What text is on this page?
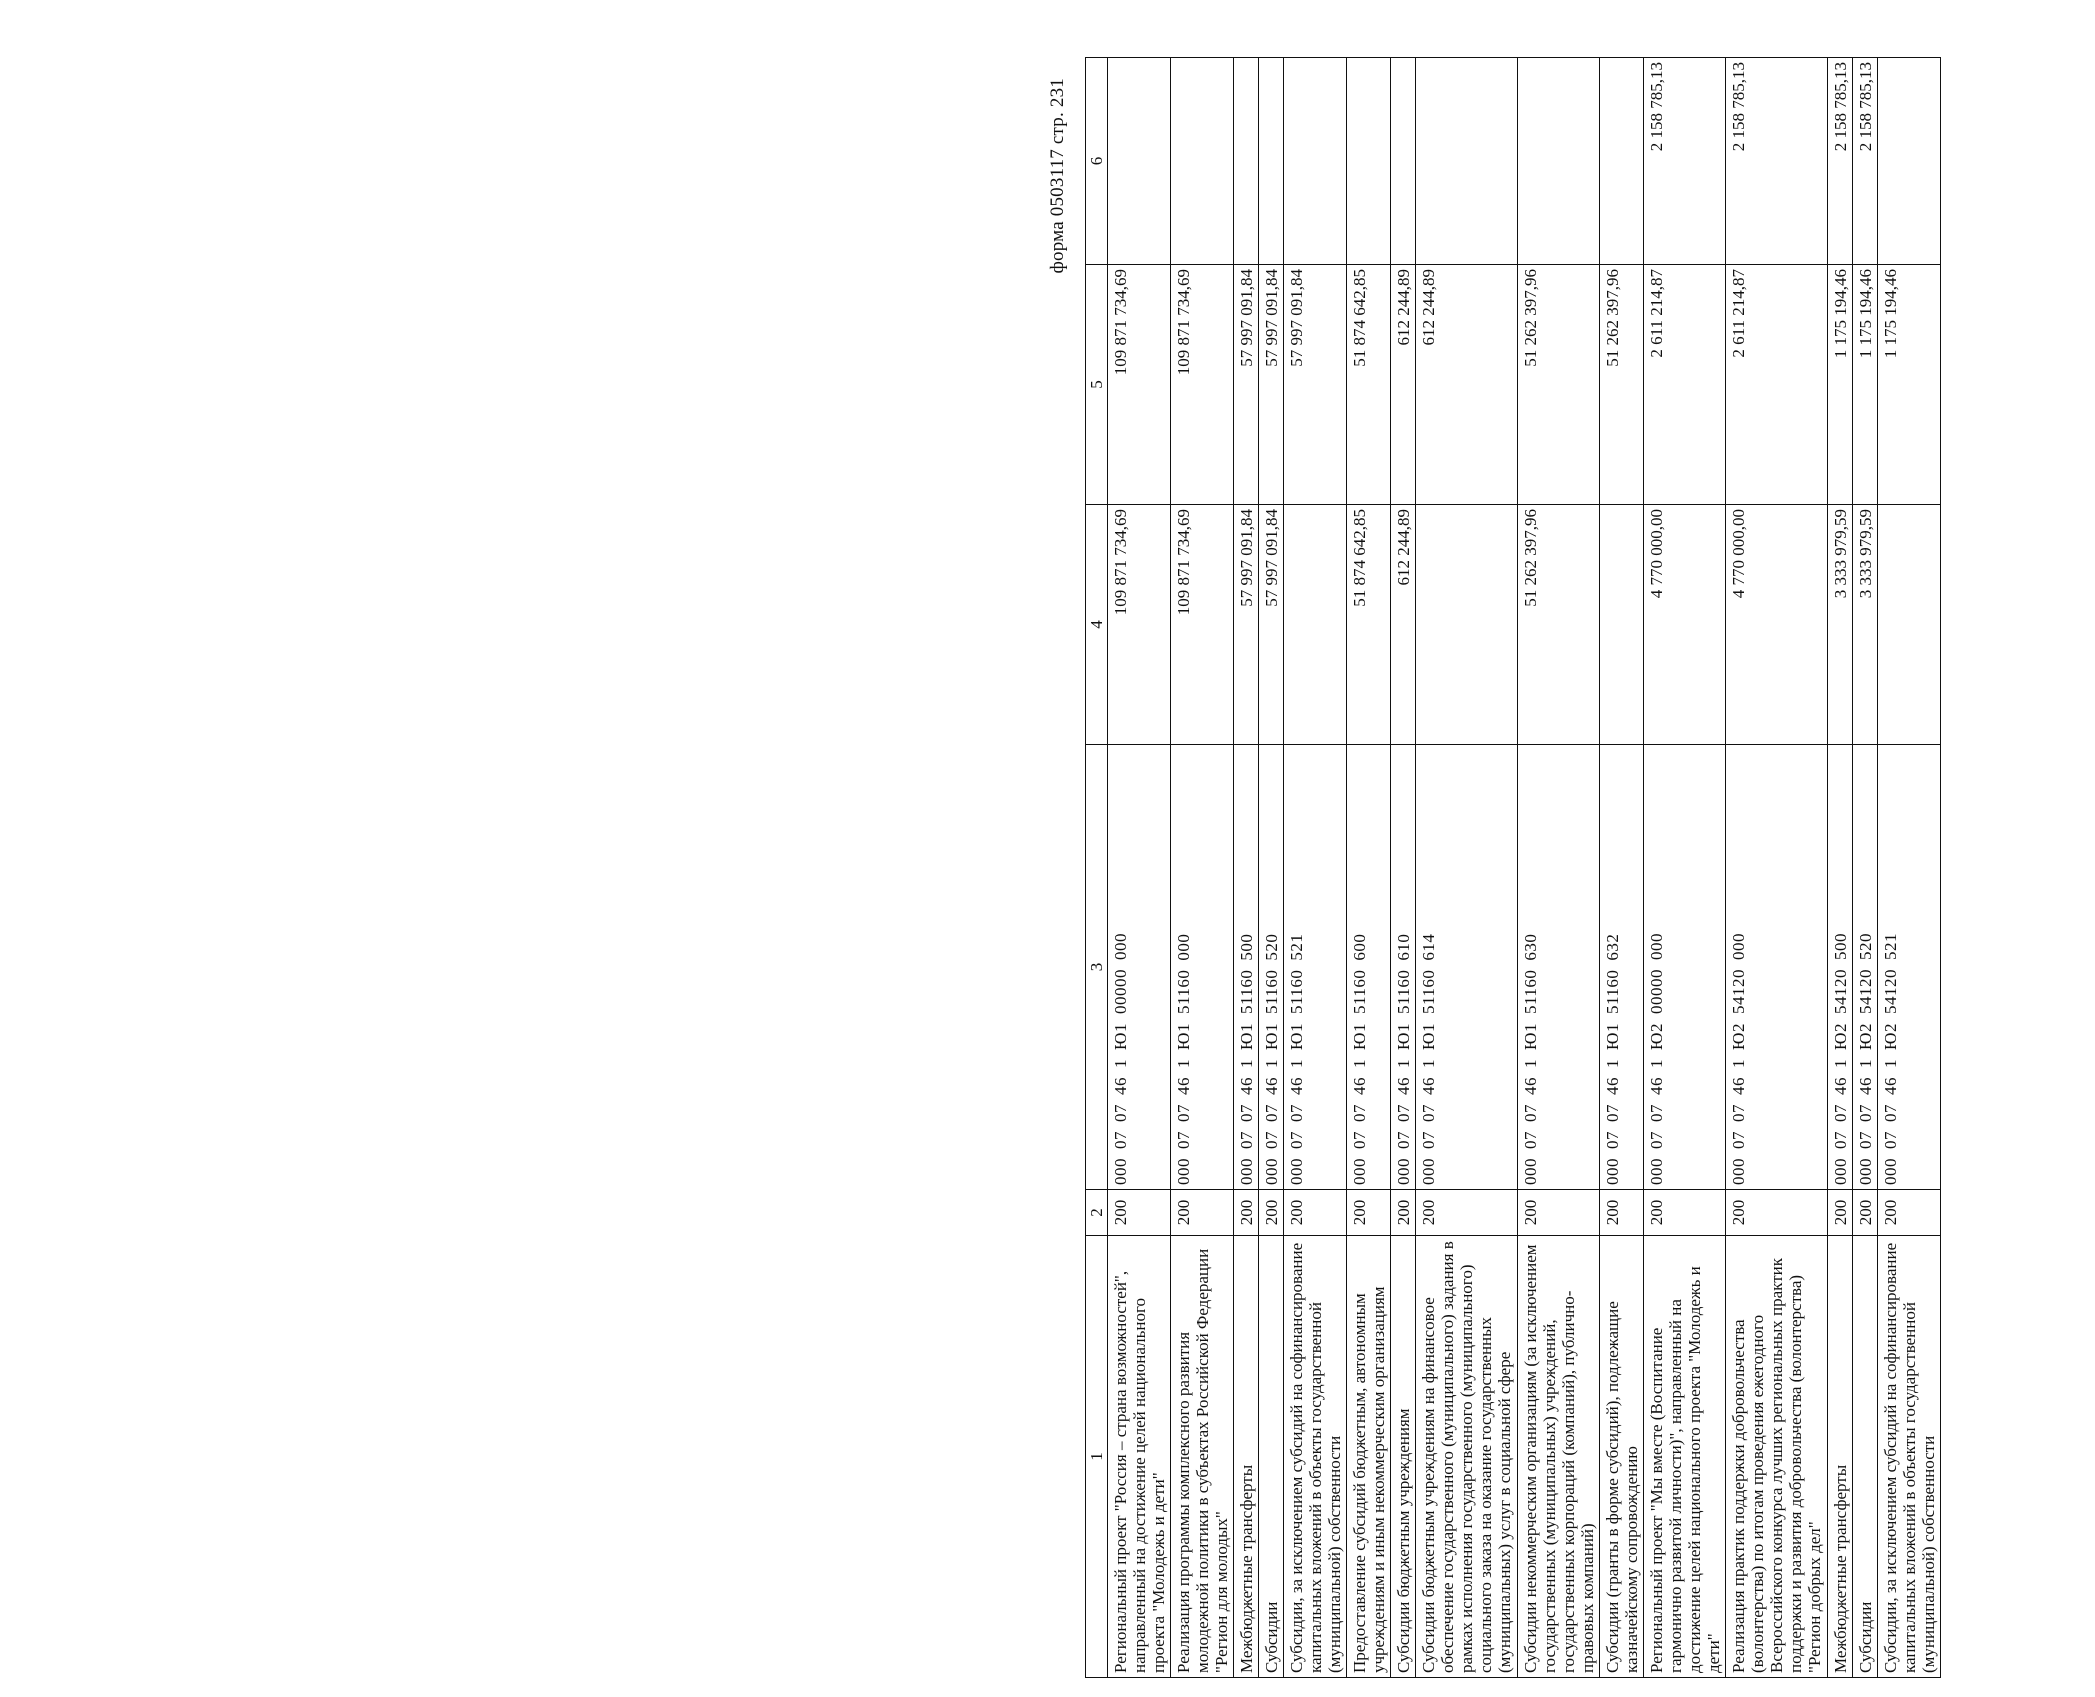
форма 0503117 стр. 231
1	2	3	4	5	6
Региональный проект "Россия – страна возможностей", направленный на достижение целей национального проекта "Молодежь и дети"	200	0000707461Ю100000000	109 871 734,69	109 871 734,69	
Реализация программы комплексного развития молодежной политики в субъектах Российской Федерации "Регион для молодых"	200	0000707461Ю151160000	109 871 734,69	109 871 734,69	
Межбюджетные трансферты	200	0000707461Ю151160500	57 997 091,84	57 997 091,84	
Субсидии	200	0000707461Ю151160520	57 997 091,84	57 997 091,84	
Субсидии, за исключением субсидий на софинансирование капитальных вложений в объекты государственной (муниципальной) собственности	200	0000707461Ю151160521		57 997 091,84	
Предоставление субсидий бюджетным, автономным учреждениям и иным некоммерческим организациям	200	0000707461Ю151160600	51 874 642,85	51 874 642,85	
Субсидии бюджетным учреждениям	200	0000707461Ю151160610	612 244,89	612 244,89	
Субсидии бюджетным учреждениям на финансовое обеспечение государственного (муниципального) задания в рамках исполнения государственного (муниципального) социального заказа на оказание государственных (муниципальных) услуг в социальной сфере	200	0000707461Ю151160614		612 244,89	
Субсидии некоммерческим организациям (за исключением государственных (муниципальных) учреждений, государственных корпораций (компаний), публично-правовых компаний)	200	0000707461Ю151160630	51 262 397,96	51 262 397,96	
Субсидии (гранты в форме субсидий), подлежащие казначейскому сопровождению	200	0000707461Ю151160632		51 262 397,96	
Региональный проект "Мы вместе (Воспитание гармонично развитой личности)", направленный на достижение целей национального проекта "Молодежь и дети"	200	0000707461Ю200000000	4 770 000,00	2 611 214,87	2 158 785,13
Реализация практик поддержки добровольчества (волонтерства) по итогам проведения ежегодного Всероссийского конкурса лучших региональных практик поддержки и развития добровольчества (волонтерства) "Регион добрых дел"	200	0000707461Ю254120000	4 770 000,00	2 611 214,87	2 158 785,13
Межбюджетные трансферты	200	0000707461Ю254120500	3 333 979,59	1 175 194,46	2 158 785,13
Субсидии	200	0000707461Ю254120520	3 333 979,59	1 175 194,46	2 158 785,13
Субсидии, за исключением субсидий на софинансирование капитальных вложений в объекты государственной (муниципальной) собственности	200	0000707461Ю254120521		1 175 194,46	
